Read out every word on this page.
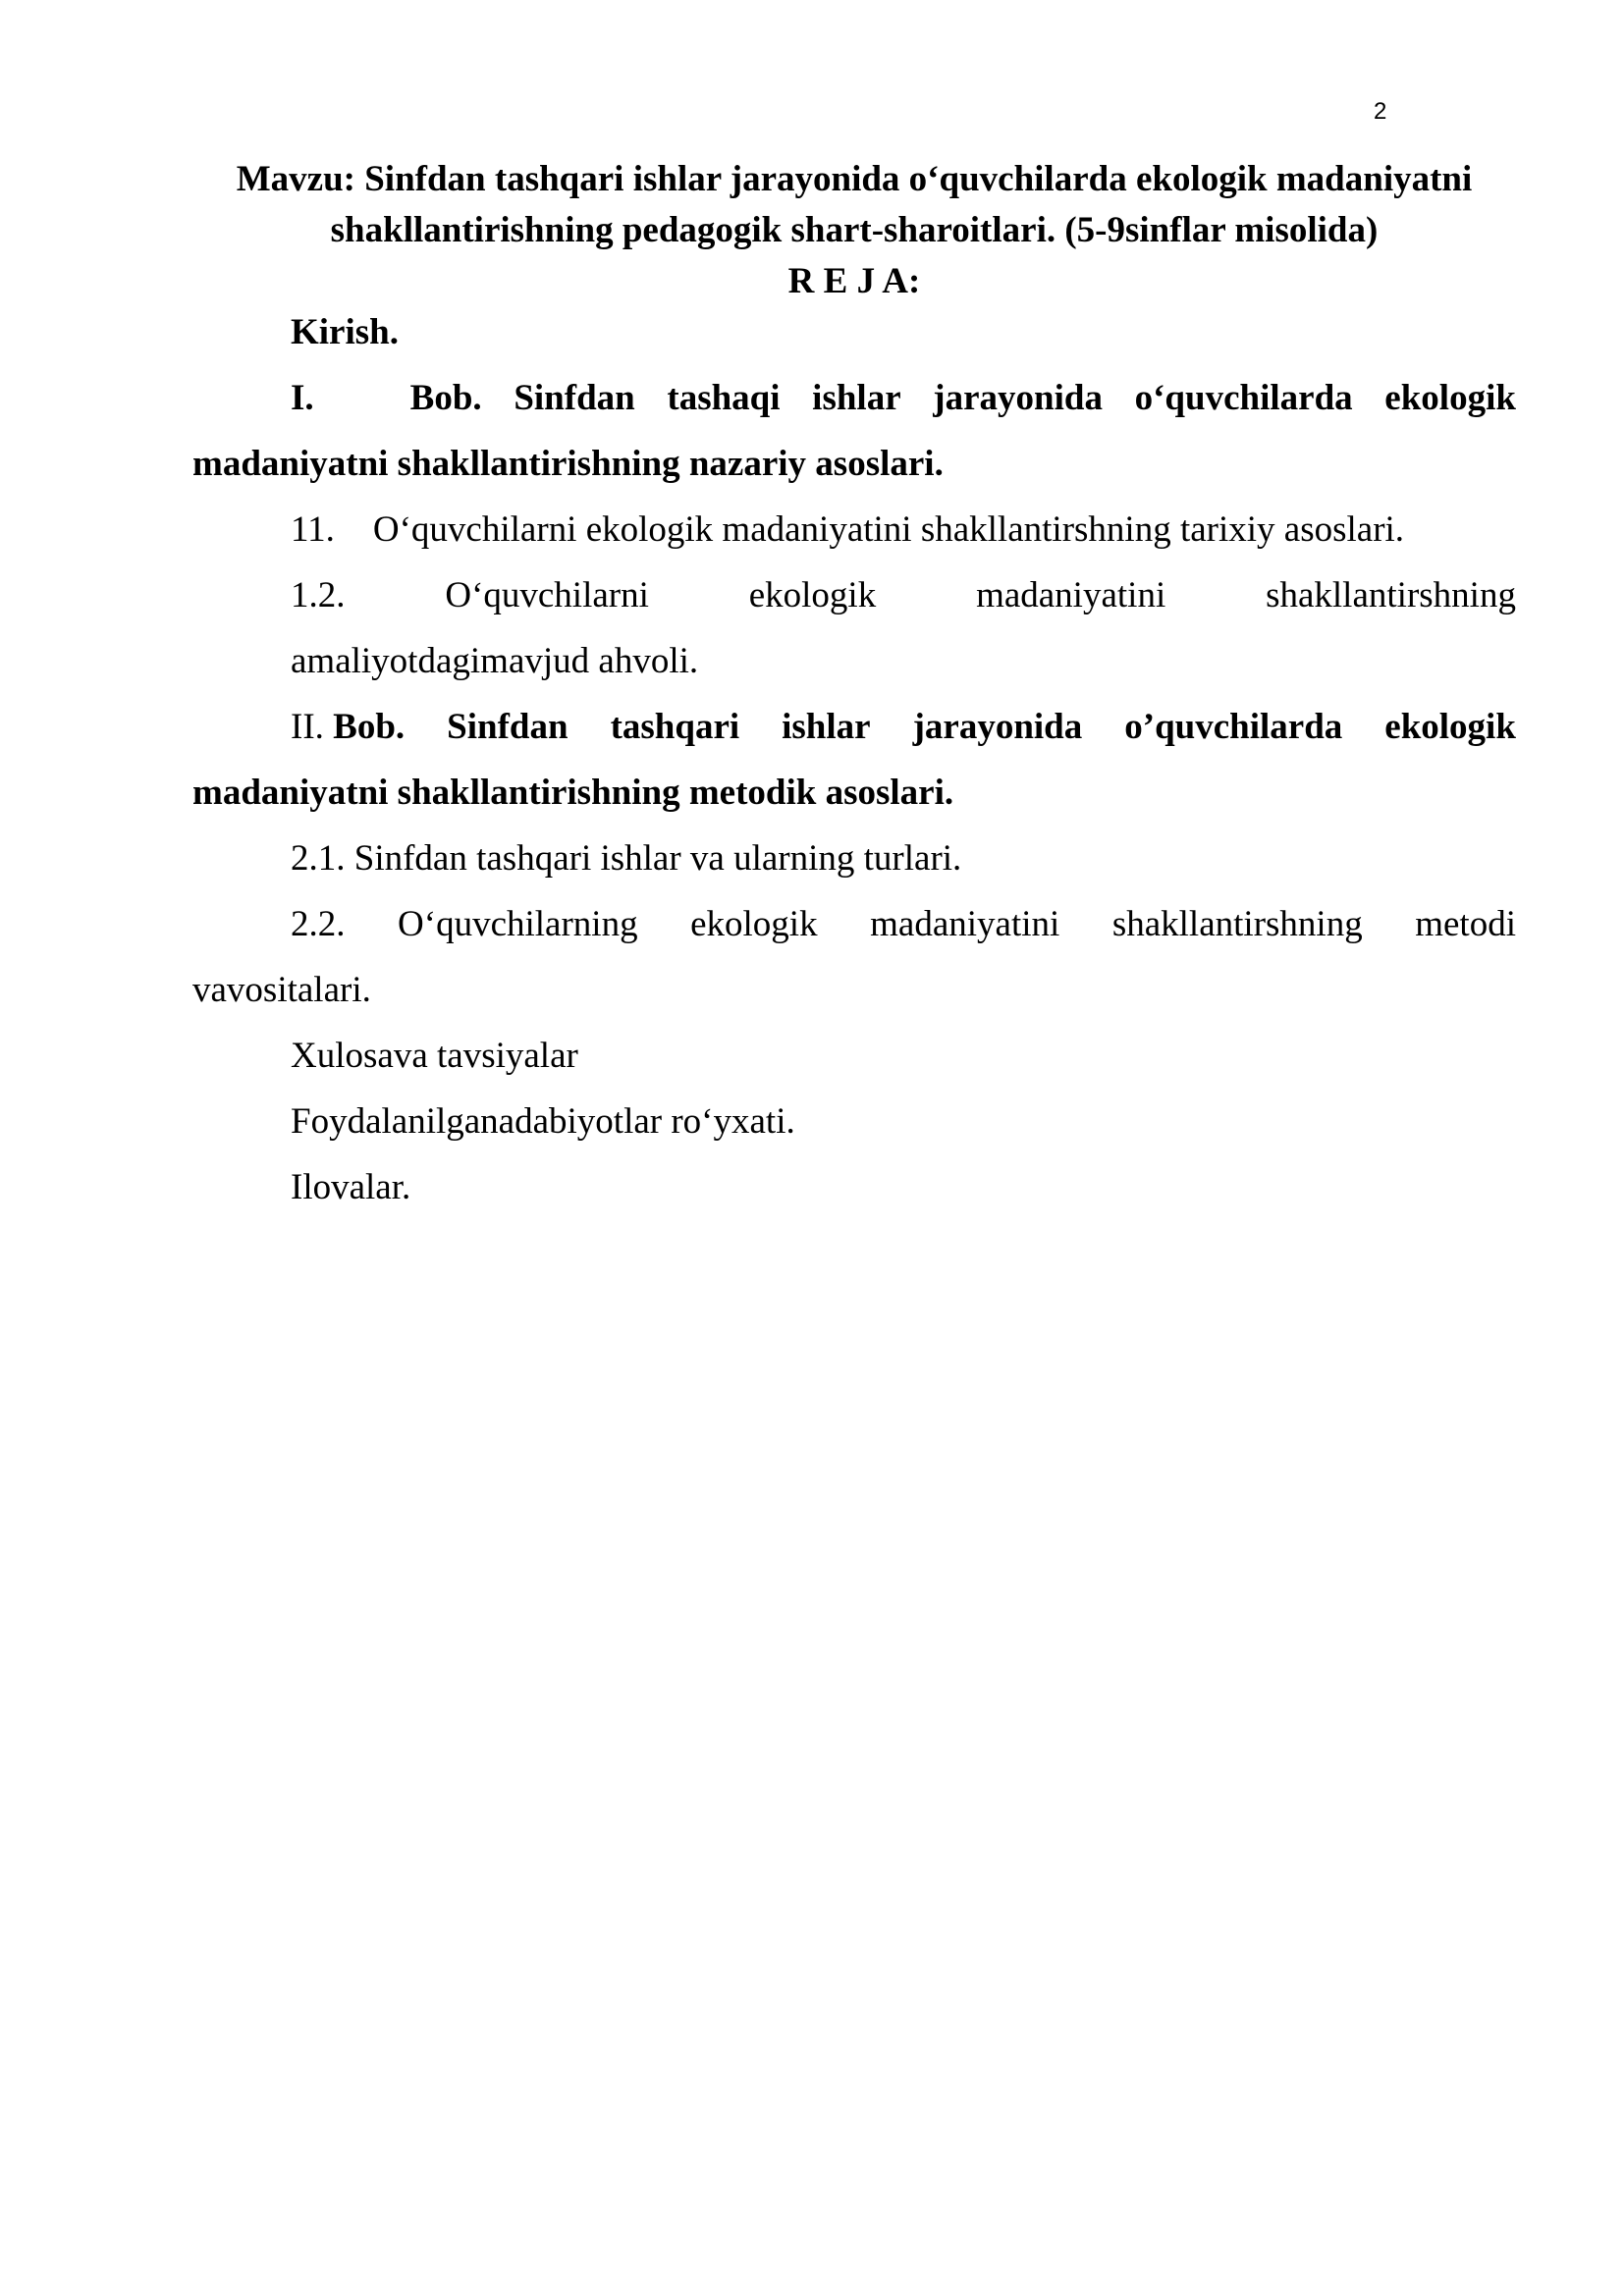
2
Mavzu: Sinfdan tashqari ishlar jarayonida o‘quvchilarda ekologik madaniyatni
shakllantirishning pedagogik shart-sharoitlari. (5-9sinflar misolida)
R E J A:
Kirish.
I.	Bob. Sinfdan tashaqi ishlar jarayonida o‘quvchilarda ekologik
madaniyatni shakllantirishning nazariy asoslari.
11. O‘quvchilarni ekologik madaniyatini shakllantirshning tarixiy asoslari.
1.2.	O‘quvchilarni	ekologik	madaniyatini	shakllantirshning
amaliyotdagimavjud ahvoli.
II. Bob. Sinfdan tashqari ishlar jarayonida o’quvchilarda ekologik
madaniyatni shakllantirishning metodik asoslari.
2.1. Sinfdan tashqari ishlar va ularning turlari.
2.2. O‘quvchilarning ekologik madaniyatini shakllantirshning metodi
vavositalari.
Xulosava tavsiyalar
Foydalanilganadabiyotlar ro‘yxati.
Ilovalar.
